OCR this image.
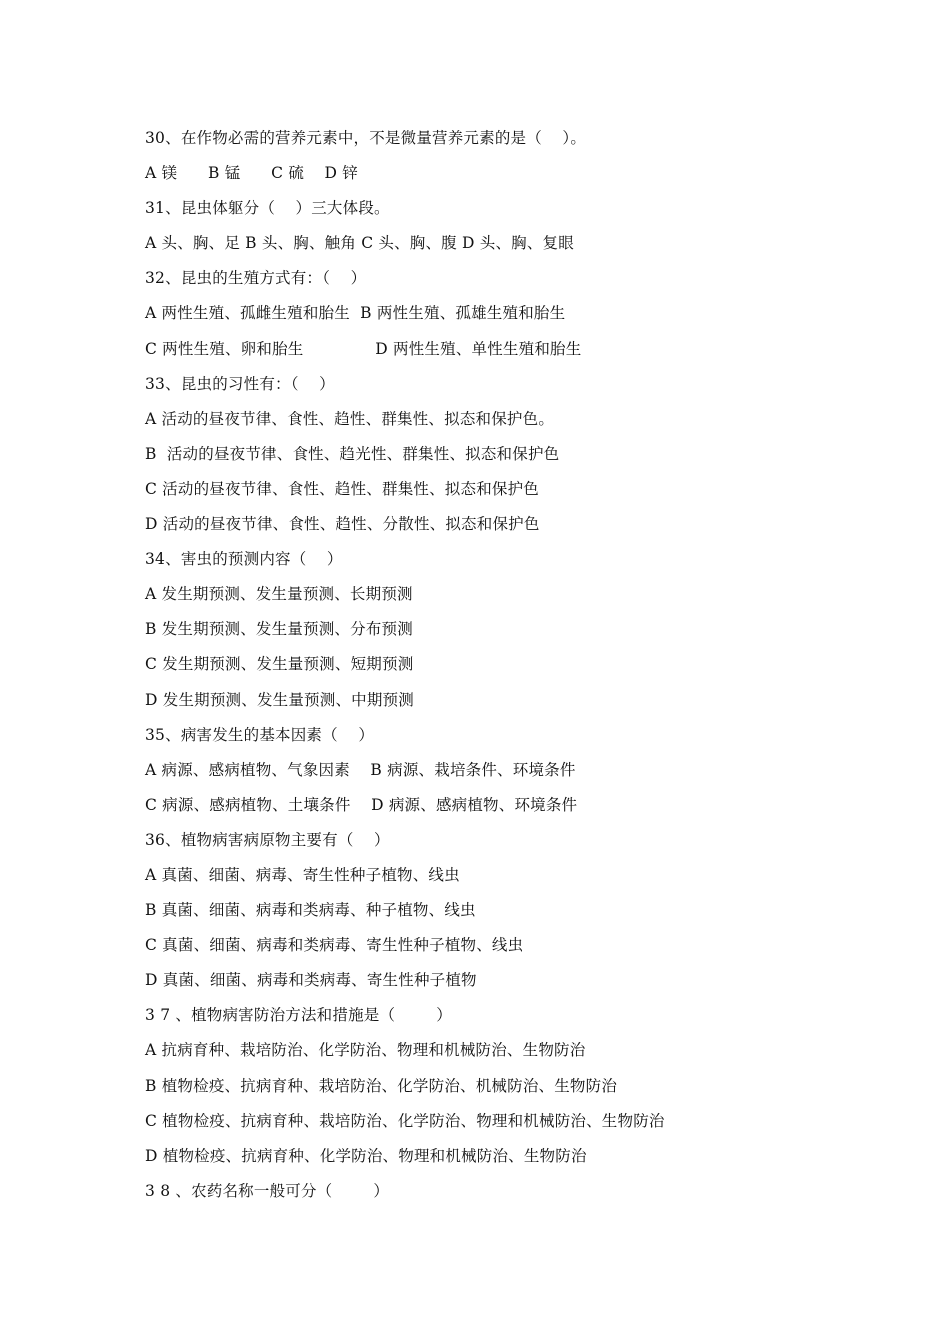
30、在作物必需的营养元素中，不是微量营养元素的是（    ）。
A 镁      B 锰      C 硫    D 锌
31、昆虫体躯分（    ）三大体段。
A 头、胸、足 B 头、胸、触角 C 头、胸、腹 D 头、胸、复眼
32、昆虫的生殖方式有：（    ）
A 两性生殖、孤雌生殖和胎生  B 两性生殖、孤雄生殖和胎生
C 两性生殖、卵和胎生              D 两性生殖、单性生殖和胎生
33、昆虫的习性有：（    ）
A 活动的昼夜节律、食性、趋性、群集性、拟态和保护色。
B  活动的昼夜节律、食性、趋光性、群集性、拟态和保护色
C 活动的昼夜节律、食性、趋性、群集性、拟态和保护色
D 活动的昼夜节律、食性、趋性、分散性、拟态和保护色
34、害虫的预测内容（    ）
A 发生期预测、发生量预测、长期预测
B 发生期预测、发生量预测、分布预测
C 发生期预测、发生量预测、短期预测
D 发生期预测、发生量预测、中期预测
35、病害发生的基本因素（    ）
A 病源、感病植物、气象因素    B 病源、栽培条件、环境条件
C 病源、感病植物、土壤条件    D 病源、感病植物、环境条件
36、植物病害病原物主要有（    ）
A 真菌、细菌、病毒、寄生性种子植物、线虫
B 真菌、细菌、病毒和类病毒、种子植物、线虫
C 真菌、细菌、病毒和类病毒、寄生性种子植物、线虫
D 真菌、细菌、病毒和类病毒、寄生性种子植物
3 7 、植物病害防治方法和措施是（        ）
A 抗病育种、栽培防治、化学防治、物理和机械防治、生物防治
B 植物检疫、抗病育种、栽培防治、化学防治、机械防治、生物防治
C 植物检疫、抗病育种、栽培防治、化学防治、物理和机械防治、生物防治
D 植物检疫、抗病育种、化学防治、物理和机械防治、生物防治
3 8 、农药名称一般可分（        ）
